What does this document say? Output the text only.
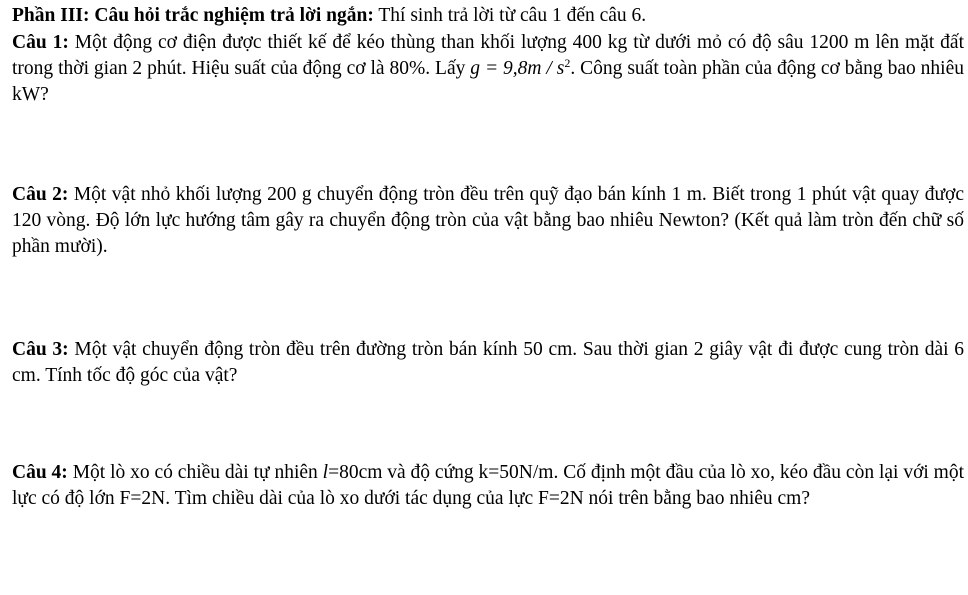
Phần III: Câu hỏi trắc nghiệm trả lời ngắn: Thí sinh trả lời từ câu 1 đến câu 6.
Câu 1: Một động cơ điện được thiết kế để kéo thùng than khối lượng 400 kg từ dưới mỏ có độ sâu 1200 m lên mặt đất trong thời gian 2 phút. Hiệu suất của động cơ là 80%. Lấy $g = 9,8m / s^2$. Công suất toàn phần của động cơ bằng bao nhiêu kW?
Câu 2: Một vật nhỏ khối lượng 200 g chuyển động tròn đều trên quỹ đạo bán kính 1 m. Biết trong 1 phút vật quay được 120 vòng. Độ lớn lực hướng tâm gây ra chuyển động tròn của vật bằng bao nhiêu Newton? (Kết quả làm tròn đến chữ số phần mười).
Câu 3: Một vật chuyển động tròn đều trên đường tròn bán kính 50 cm. Sau thời gian 2 giây vật đi được cung tròn dài 6 cm. Tính tốc độ góc của vật?
Câu 4: Một lò xo có chiều dài tự nhiên l=80cm và độ cứng k=50N/m. Cố định một đầu của lò xo, kéo đầu còn lại với một lực có độ lớn F=2N. Tìm chiều dài của lò xo dưới tác dụng của lực F=2N nói trên bằng bao nhiêu cm?
